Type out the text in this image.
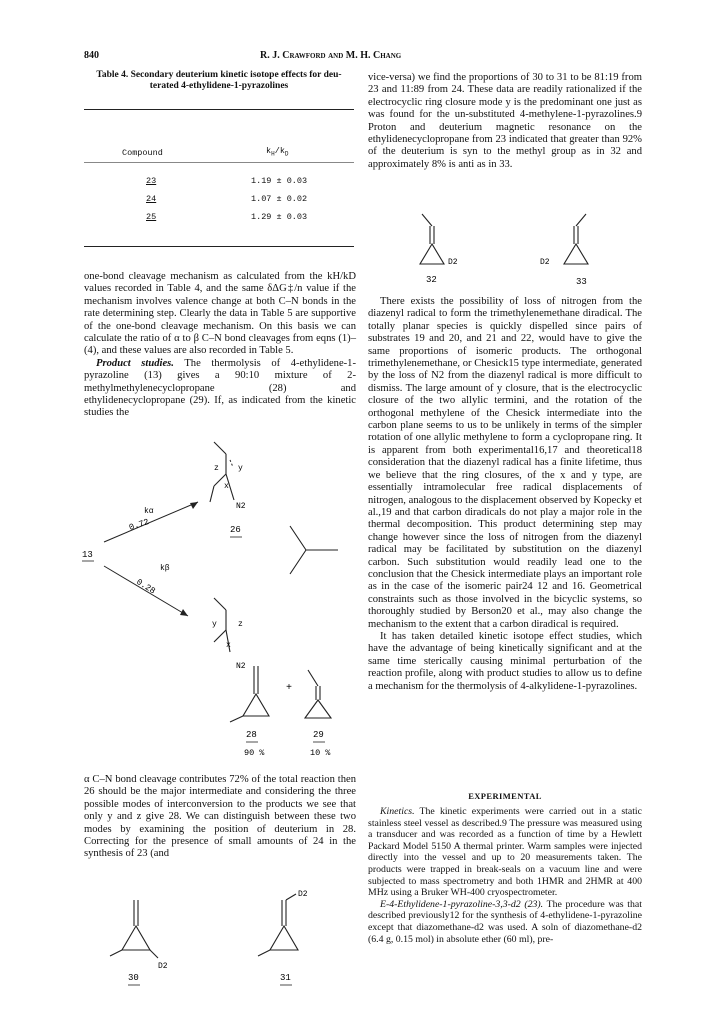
840	R. J. Crawford and M. H. Chang
Table 4. Secondary deuterium kinetic isotope effects for deu-
terated 4-ethylidene-1-pyrazolines
Compound	$k_H/k_D$
23	1.19 ± 0.03
24	1.07 ± 0.02
25	1.29 ± 0.03

one-bond cleavage mechanism as calculated from the kH/kD values recorded in Table 4, and the same δΔG‡/n value if the mechanism involves valence change at both C–N bonds in the rate determining step. Clearly the data in Table 5 are supportive of the one-bond cleavage mechanism. On this basis we can calculate the ratio of α to β C–N bond cleavages from eqns (1)–(4), and these values are also recorded in Table 5.

Product studies. The thermolysis of 4-ethylidene-1-pyrazoline (13) gives a 90:10 mixture of 2-methylmethylenecyclopropane (28) and ethylidenecyclopropane (29). If, as indicated from the kinetic studies the

13
kα
0.72
kβ
0.28
z y
x
N2
26
y	z
x
N2
+
28	29
90 %	10 %

α C–N bond cleavage contributes 72% of the total reaction then 26 should be the major intermediate and considering the three possible modes of interconversion to the products we see that only y and z give 28. We can distinguish between these two modes by examining the position of deuterium in 28. Correcting for the presence of small amounts of 24 in the synthesis of 23 (and

D2
30
D2
31

vice-versa) we find the proportions of 30 to 31 to be 81:19 from 23 and 11:89 from 24. These data are readily rationalized if the electrocyclic ring closure mode y is the predominant one just as was found for the un-substituted 4-methylene-1-pyrazolines.9 Proton and deuterium magnetic resonance on the ethylidenecyclopropane from 23 indicated that greater than 92% of the deuterium is syn to the methyl group as in 32 and approximately 8% is anti as in 33.

D2
32
D2
33

There exists the possibility of loss of nitrogen from the diazenyl radical to form the trimethylenemethane diradical. The totally planar species is quickly dispelled since pairs of substrates 19 and 20, and 21 and 22, would have to give the same proportions of isomeric products. The orthogonal trimethylenemethane, or Chesick15 type intermediate, generated by the loss of N2 from the diazenyl radical is more difficult to dismiss. The large amount of y closure, that is the electrocyclic closure of the two allylic termini, and the rotation of the orthogonal methylene of the Chesick intermediate into the carbon plane seems to us to be unlikely in terms of the simpler rotation of one allylic methylene to form a cyclopropane ring. It is apparent from both experimental16,17 and theoretical18 consideration that the diazenyl radical has a finite lifetime, thus we believe that the ring closures, of the x and y type, are essentially intramolecular free radical displacements of nitrogen, analogous to the displacement observed by Kopecky et al.,19 and that carbon diradicals do not play a major role in the thermal decomposition. This product determining step may change however since the loss of nitrogen from the diazenyl radical may be facilitated by substitution on the diazenyl carbon. Such substitution would readily lead one to the conclusion that the Chesick intermediate plays an important role as in the case of the isomeric pair24 12 and 16. Geometrical constraints such as those involved in the bicyclic systems, so thoroughly studied by Berson20 et al., may also change the mechanism to the extent that a carbon diradical is required.

It has taken detailed kinetic isotope effect studies, which have the advantage of being kinetically significant and at the same time sterically causing minimal perturbation of the reaction profile, along with product studies to allow us to define a mechanism for the thermolysis of 4-alkylidene-1-pyrazolines.

EXPERIMENTAL

Kinetics. The kinetic experiments were carried out in a static stainless steel vessel as described.9 The pressure was measured using a transducer and was recorded as a function of time by a Hewlett Packard Model 5150 A thermal printer. Warm samples were injected directly into the vessel and up to 20 measurements taken. The products were trapped in break-seals on a vacuum line and were subjected to mass spectrometry and both 1HMR and 2HMR at 400 MHz using a Bruker WH-400 cryospectrometer.

E-4-Ethylidene-1-pyrazoline-3,3-d2 (23). The procedure was that described previously12 for the synthesis of 4-ethylidene-1-pyrazoline except that diazomethane-d2 was used. A soln of diazomethane-d2 (6.4 g, 0.15 mol) in absolute ether (60 ml), pre-
